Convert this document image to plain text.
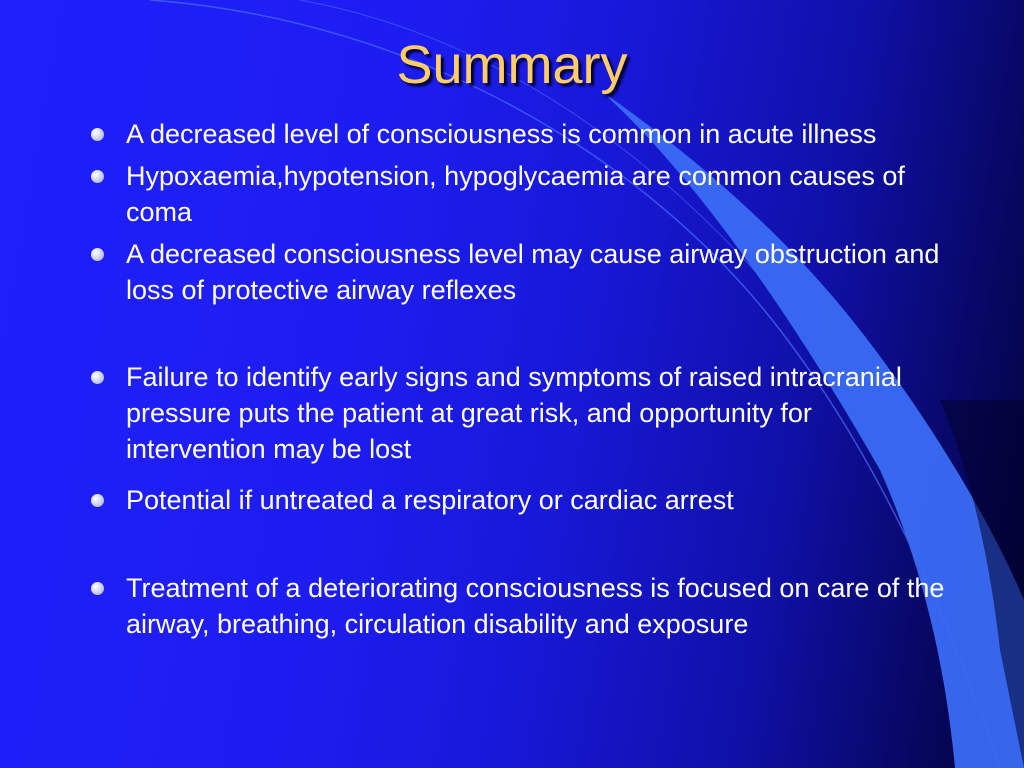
Summary
A decreased level of consciousness is common in acute illness
Hypoxaemia,hypotension, hypoglycaemia are common causes of coma
A decreased consciousness level may cause airway obstruction and loss of protective airway reflexes
Failure to identify early signs and symptoms of raised intracranial pressure puts the patient at great risk, and opportunity for intervention may be lost
Potential if untreated a respiratory or cardiac arrest
Treatment of a deteriorating consciousness is focused on care of the airway, breathing, circulation disability and exposure
